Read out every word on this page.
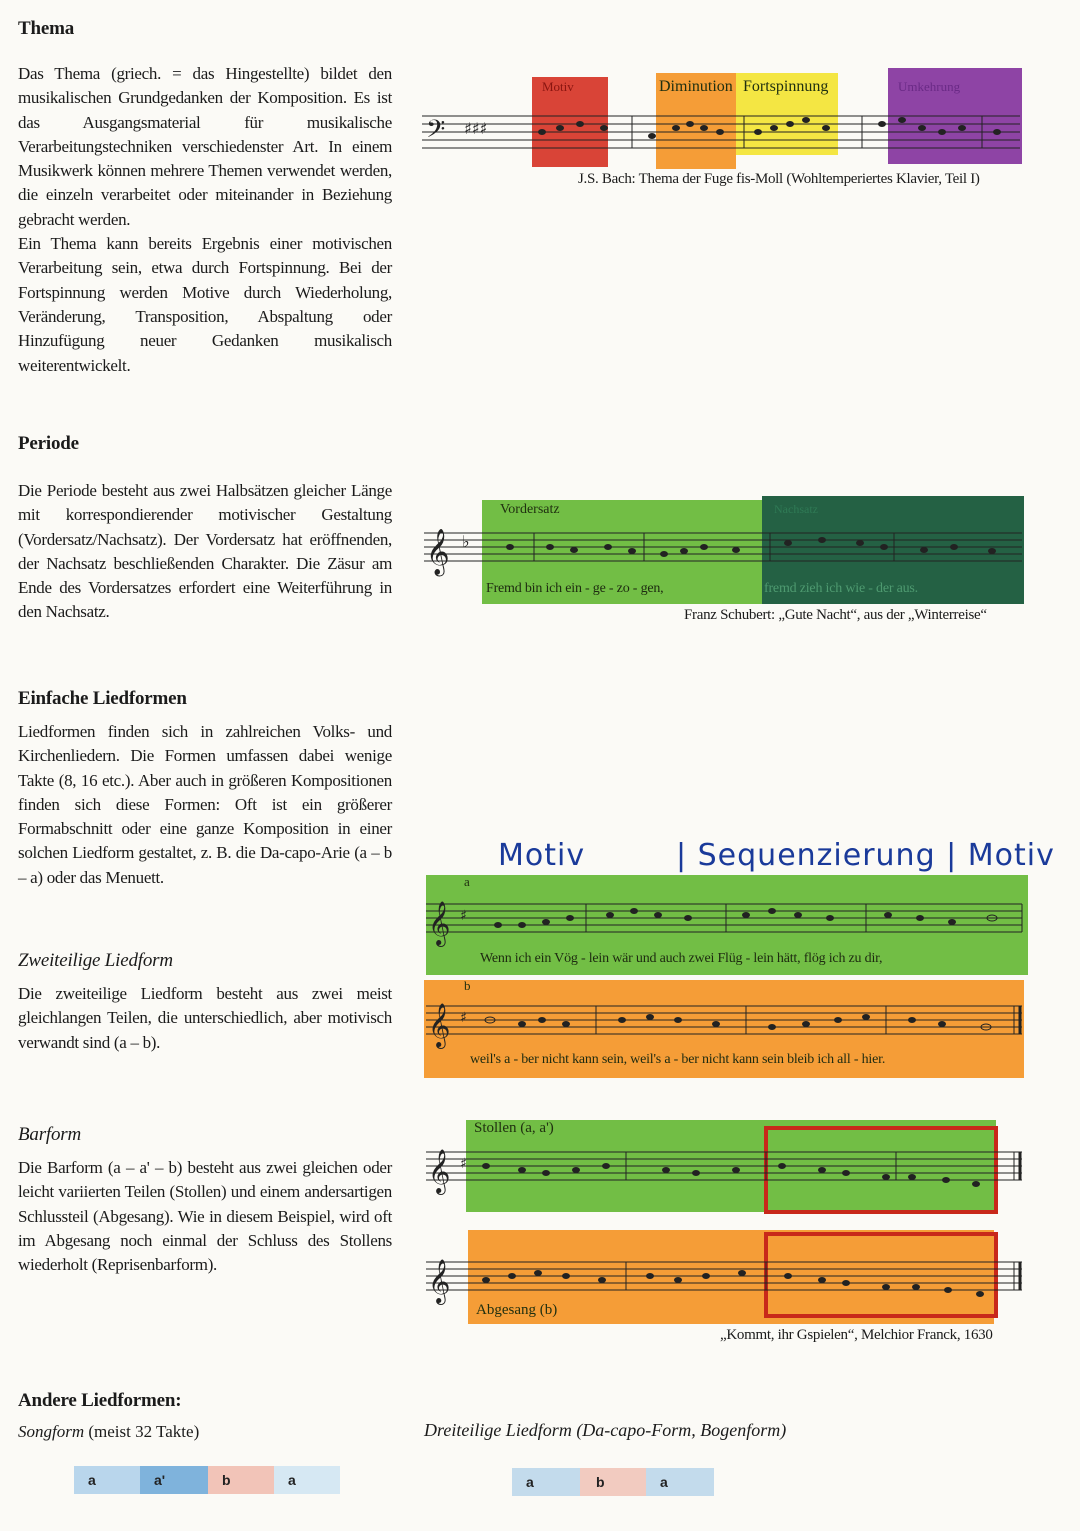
Thema

Das Thema (griech. = das Hingestellte) bildet den musikalischen Grundgedanken der Komposition. Es ist das Ausgangsmaterial für musikalische Verarbeitungstechniken verschiedenster Art. In einem Musikwerk können mehrere Themen verwendet werden, die einzeln verarbeitet oder miteinander in Beziehung gebracht werden.

Ein Thema kann bereits Ergebnis einer motivischen Verarbeitung sein, etwa durch Fortspinnung. Bei der Fortspinnung werden Motive durch Wiederholung, Veränderung, Transposition, Abspaltung oder Hinzufügung neuer Gedanken musikalisch weiterentwickelt.

Motiv	Diminution Fortspinnung	Umkehrung
𝄢 ♯♯♯
J.S. Bach: Thema der Fuge fis-Moll (Wohltemperiertes Klavier, Teil I)
Periode

Die Periode besteht aus zwei Halbsätzen gleicher Länge mit korrespondierender motivischer Gestaltung (Vordersatz/Nachsatz). Der Vordersatz hat eröffnenden, der Nachsatz beschließenden Charakter. Die Zäsur am Ende des Vordersatzes erfordert eine Weiterführung in den Nachsatz.

Vordersatz	Nachsatz
𝄞 ♭
Fremd bin ich ein - ge - zo - gen,	fremd zieh ich wie - der aus.
Franz Schubert: „Gute Nacht“, aus der „Winterreise“
Einfache Liedformen

Liedformen finden sich in zahlreichen Volks- und Kirchenliedern. Die Formen umfassen dabei wenige Takte (8, 16 etc.). Aber auch in größeren Kompositionen finden sich diese Formen: Oft ist ein größerer Formabschnitt oder eine ganze Komposition in einer solchen Liedform gestaltet, z. B. die Da-capo-Arie (a – b – a) oder das Menuett.

Motiv	| Sequenzierung | Motiv
a
b
𝄞 ♯
Wenn ich ein Vög - lein wär und auch zwei Flüg - lein hätt, flög ich zu dir,
𝄞 ♯
weil's a - ber nicht kann sein, weil's a - ber nicht kann sein bleib ich all - hier.
Zweiteilige Liedform

Die zweiteilige Liedform besteht aus zwei meist gleichlangen Teilen, die unterschiedlich, aber motivisch verwandt sind (a – b).

Barform

Die Barform (a – a' – b) besteht aus zwei gleichen oder leicht variierten Teilen (Stollen) und einem andersartigen Schlussteil (Abgesang). Wie in diesem Beispiel, wird oft im Abgesang noch einmal der Schluss des Stollens wiederholt (Reprisenbarform).

Stollen (a, a')
Abgesang (b)
𝄞 ♯
𝄞
„Kommt, ihr Gspielen“, Melchior Franck, 1630
Andere Liedformen:
Songform (meist 32 Takte)
a	a'	b	a
Dreiteilige Liedform (Da-capo-Form, Bogenform)
a	b	a
